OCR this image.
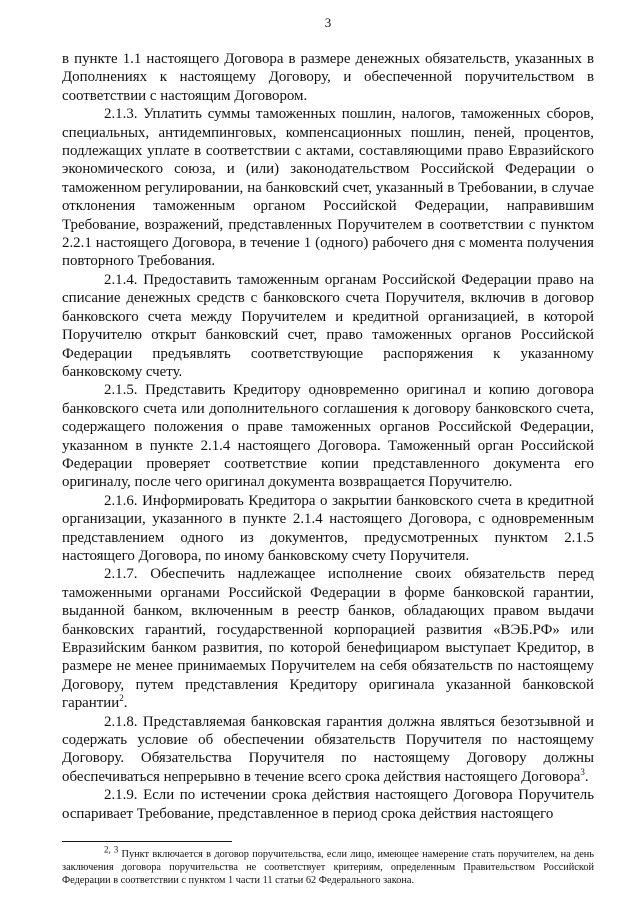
3

в пункте 1.1 настоящего Договора в размере денежных обязательств, указанных в Дополнениях к настоящему Договору, и обеспеченной поручительством в соответствии с настоящим Договором.

2.1.3. Уплатить суммы таможенных пошлин, налогов, таможенных сборов, специальных, антидемпинговых, компенсационных пошлин, пеней, процентов, подлежащих уплате в соответствии с актами, составляющими право Евразийского экономического союза, и (или) законодательством Российской Федерации о таможенном регулировании, на банковский счет, указанный в Требовании, в случае отклонения таможенным органом Российской Федерации, направившим Требование, возражений, представленных Поручителем в соответствии с пунктом 2.2.1 настоящего Договора, в течение 1 (одного) рабочего дня с момента получения повторного Требования.

2.1.4. Предоставить таможенным органам Российской Федерации право на списание денежных средств с банковского счета Поручителя, включив в договор банковского счета между Поручителем и кредитной организацией, в которой Поручителю открыт банковский счет, право таможенных органов Российской Федерации предъявлять соответствующие распоряжения к указанному банковскому счету.

2.1.5. Представить Кредитору одновременно оригинал и копию договора банковского счета или дополнительного соглашения к договору банковского счета, содержащего положения о праве таможенных органов Российской Федерации, указанном в пункте 2.1.4 настоящего Договора. Таможенный орган Российской Федерации проверяет соответствие копии представленного документа его оригиналу, после чего оригинал документа возвращается Поручителю.

2.1.6. Информировать Кредитора о закрытии банковского счета в кредитной организации, указанного в пункте 2.1.4 настоящего Договора, с одновременным представлением одного из документов, предусмотренных пунктом 2.1.5 настоящего Договора, по иному банковскому счету Поручителя.

2.1.7. Обеспечить надлежащее исполнение своих обязательств перед таможенными органами Российской Федерации в форме банковской гарантии, выданной банком, включенным в реестр банков, обладающих правом выдачи банковских гарантий, государственной корпорацией развития «ВЭБ.РФ» или Евразийским банком развития, по которой бенефициаром выступает Кредитор, в размере не менее принимаемых Поручителем на себя обязательств по настоящему Договору, путем представления Кредитору оригинала указанной банковской гарантии$^2$.

2.1.8. Представляемая банковская гарантия должна являться безотзывной и содержать условие об обеспечении обязательств Поручителя по настоящему Договору. Обязательства Поручителя по настоящему Договору должны обеспечиваться непрерывно в течение всего срока действия настоящего Договора$^3$.

2.1.9. Если по истечении срока действия настоящего Договора Поручитель оспаривает Требование, представленное в период срока действия настоящего

$^{2, 3}$ Пункт включается в договор поручительства, если лицо, имеющее намерение стать поручителем, на день заключения договора поручительства не соответствует критериям, определенным Правительством Российской Федерации в соответствии с пунктом 1 части 11 статьи 62 Федерального закона.
